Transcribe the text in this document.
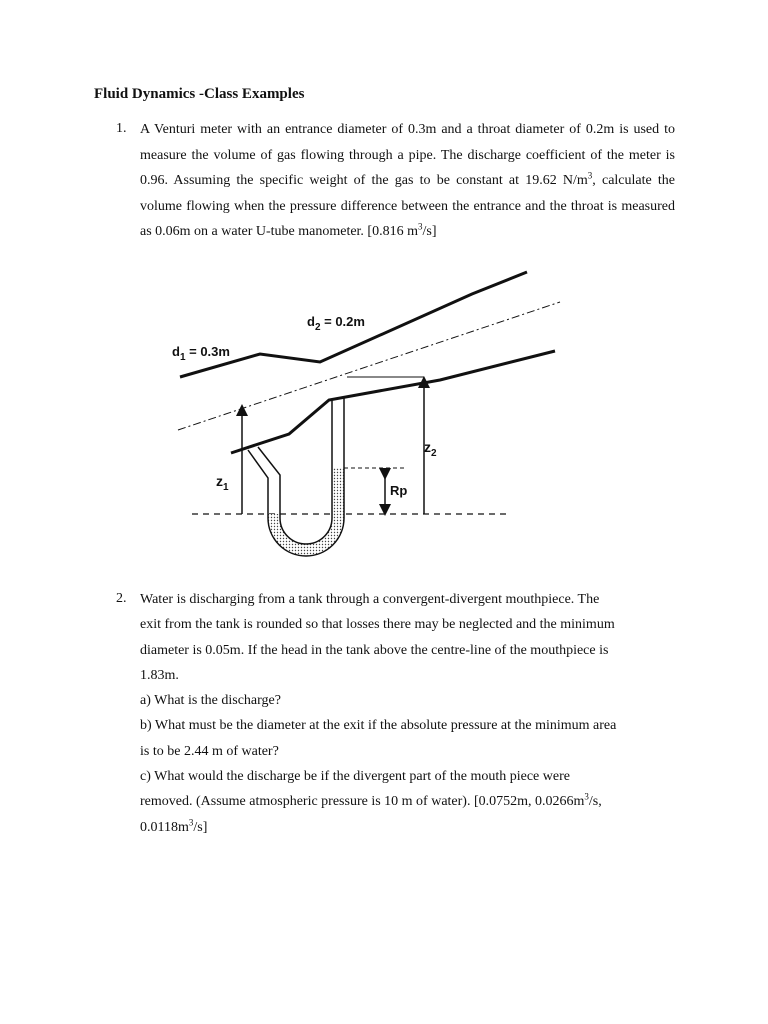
Fluid Dynamics -Class Examples
1. A Venturi meter with an entrance diameter of 0.3m and a throat diameter of 0.2m is used to measure the volume of gas flowing through a pipe. The discharge coefficient of the meter is 0.96. Assuming the specific weight of the gas to be constant at 19.62 $N/m^3$, calculate the volume flowing when the pressure difference between the entrance and the throat is measured as 0.06m on a water U-tube manometer. [0.816 $m^3/s$]
$d_1 = 0.3m$
$d_2 = 0.2m$
$z_1$
$z_2$
Rp
2. Water is discharging from a tank through a convergent-divergent mouthpiece. The
exit from the tank is rounded so that losses there may be neglected and the minimum
diameter is 0.05m. If the head in the tank above the centre-line of the mouthpiece is
1.83m.
a) What is the discharge?
b) What must be the diameter at the exit if the absolute pressure at the minimum area
is to be 2.44 m of water?
c) What would the discharge be if the divergent part of the mouth piece were
removed. (Assume atmospheric pressure is 10 m of water). [0.0752m, $0.0266m^3/s$,
$0.0118m^3/s$]
